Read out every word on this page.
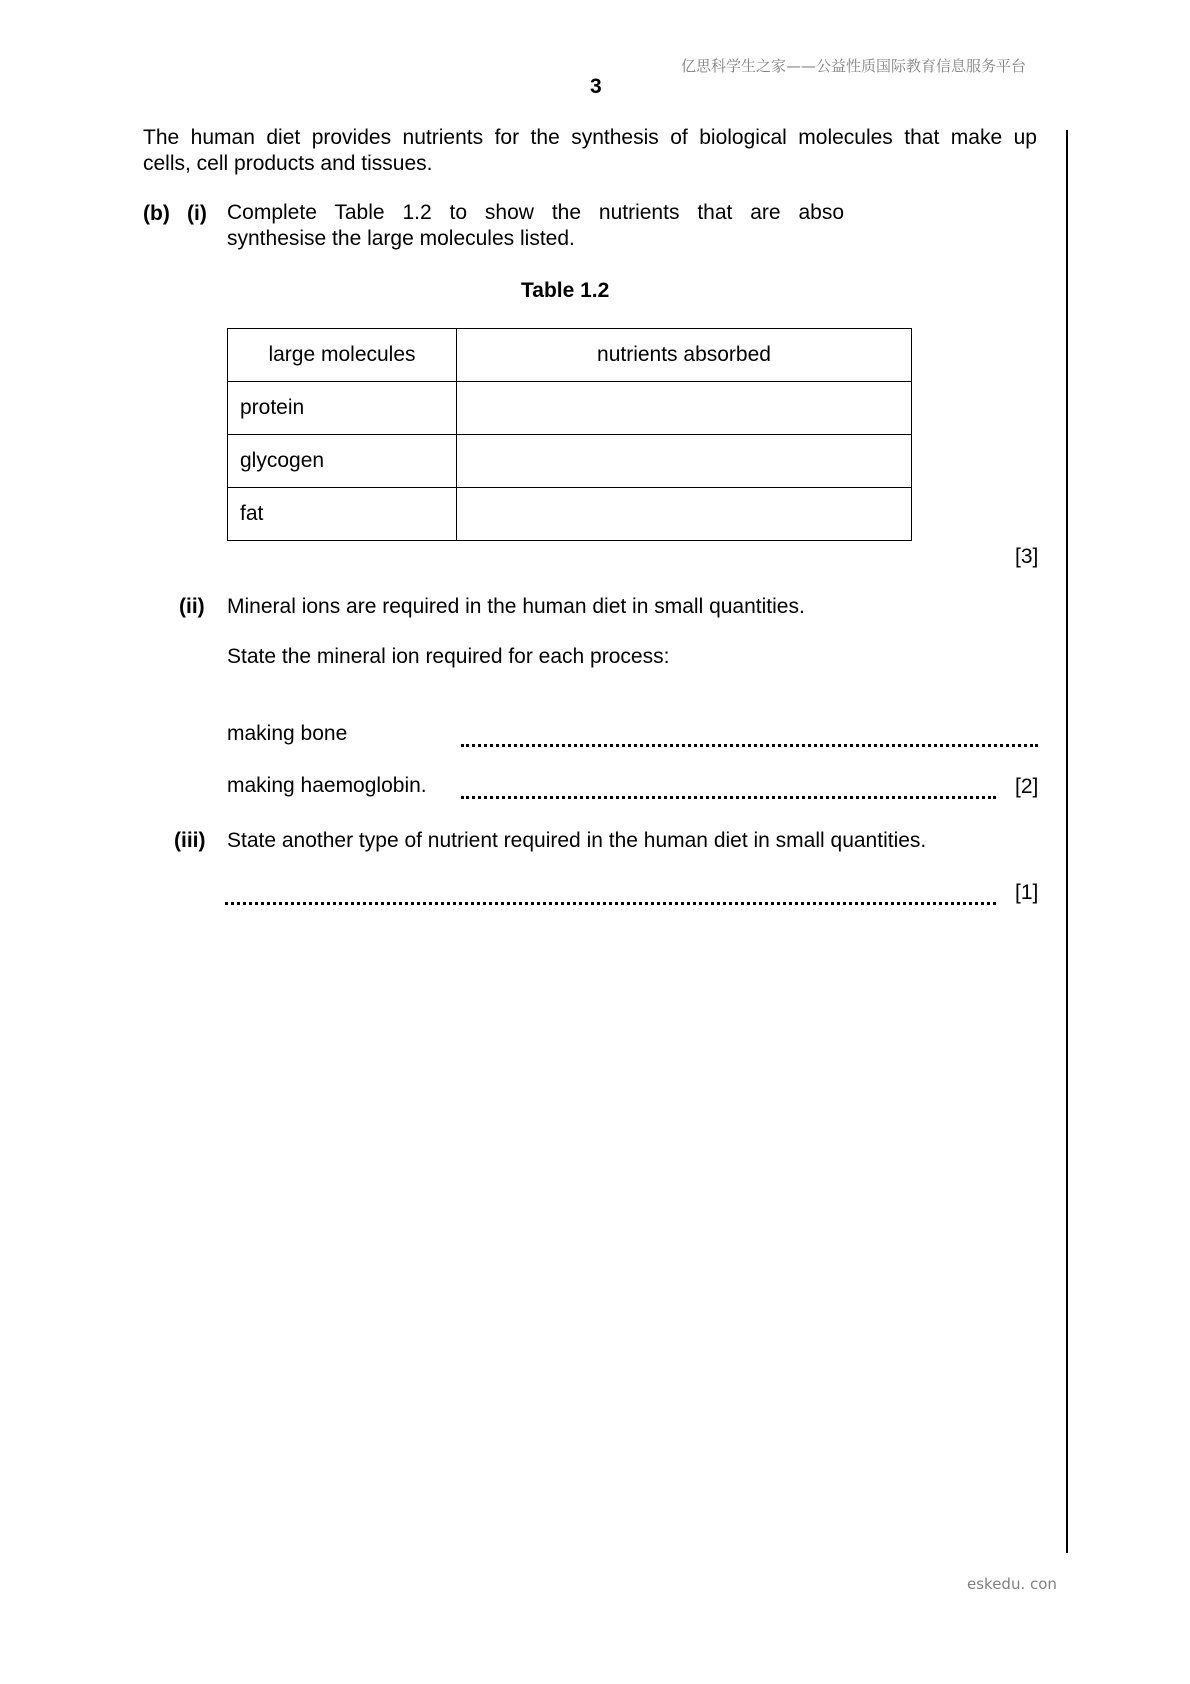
亿思科学生之家——公益性质国际教育信息服务平台
3
The human diet provides nutrients for the synthesis of biological molecules that make up
cells, cell products and tissues.
(b) (i) Complete Table 1.2 to show the nutrients that are abso
synthesise the large molecules listed.
Table 1.2
large molecules	nutrients absorbed
protein	
glycogen	
fat	
[3]
(ii) Mineral ions are required in the human diet in small quantities.
State the mineral ion required for each process:
making bone
making haemoglobin.	[2]
(iii) State another type of nutrient required in the human diet in small quantities.
[1]
eskedu. con
